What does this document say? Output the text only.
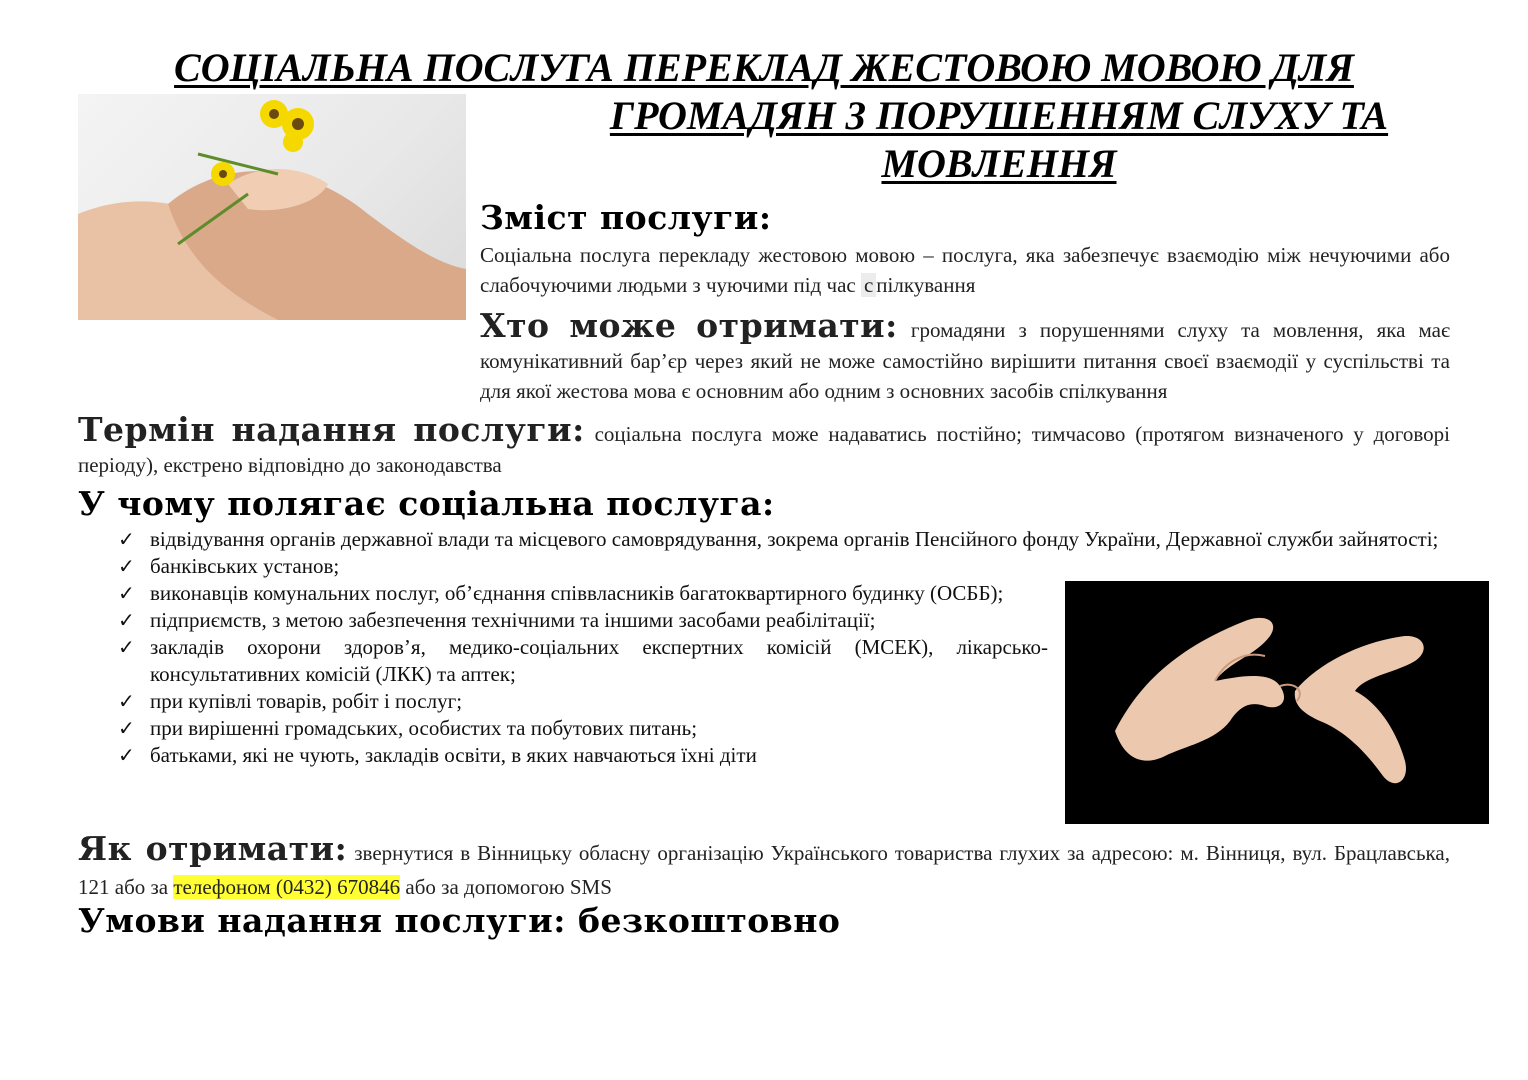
СОЦІАЛЬНА ПОСЛУГА ПЕРЕКЛАД ЖЕСТОВОЮ МОВОЮ ДЛЯ
ГРОМАДЯН З ПОРУШЕННЯМ СЛУХУ ТА
МОВЛЕННЯ
Зміст послуги:
Соціальна послуга перекладу жестовою мовою – послуга, яка забезпечує взаємодію між нечуючими або слабочуючими людьми з чуючими під час с пілкування
Хто може отримати: громадяни з порушеннями слуху та мовлення, яка має комунікативний бар’єр через який не може самостійно вирішити питання своєї взаємодії у суспільстві та для якої жестова мова є основним або одним з основних засобів спілкування
Термін надання послуги: соціальна послуга може надаватись постійно; тимчасово (протягом визначеного у договорі періоду), екстрено відповідно до законодавства
У чому полягає соціальна послуга:
✓ відвідування органів державної влади та місцевого самоврядування, зокрема органів Пенсійного фонду України, Державної служби зайнятості;
✓ банківських установ;
✓ виконавців комунальних послуг, об’єднання співвласників багатоквартирного будинку (ОСББ);
✓ підприємств, з метою забезпечення технічними та іншими засобами реабілітації;
✓ закладів охорони здоров’я, медико-соціальних експертних комісій (МСЕК), лікарсько-консультативних комісій (ЛКК) та аптек;
✓ при купівлі товарів, робіт і послуг;
✓ при вирішенні громадських, особистих та побутових питань;
✓ батьками, які не чують, закладів освіти, в яких навчаються їхні діти
Як отримати: звернутися в Вінницьку обласну організацію Українського товариства глухих за адресою: м. Вінниця, вул. Брацлавська, 121 або за телефоном (0432) 670846 або за допомогою SMS
Умови надання послуги: безкоштовно
